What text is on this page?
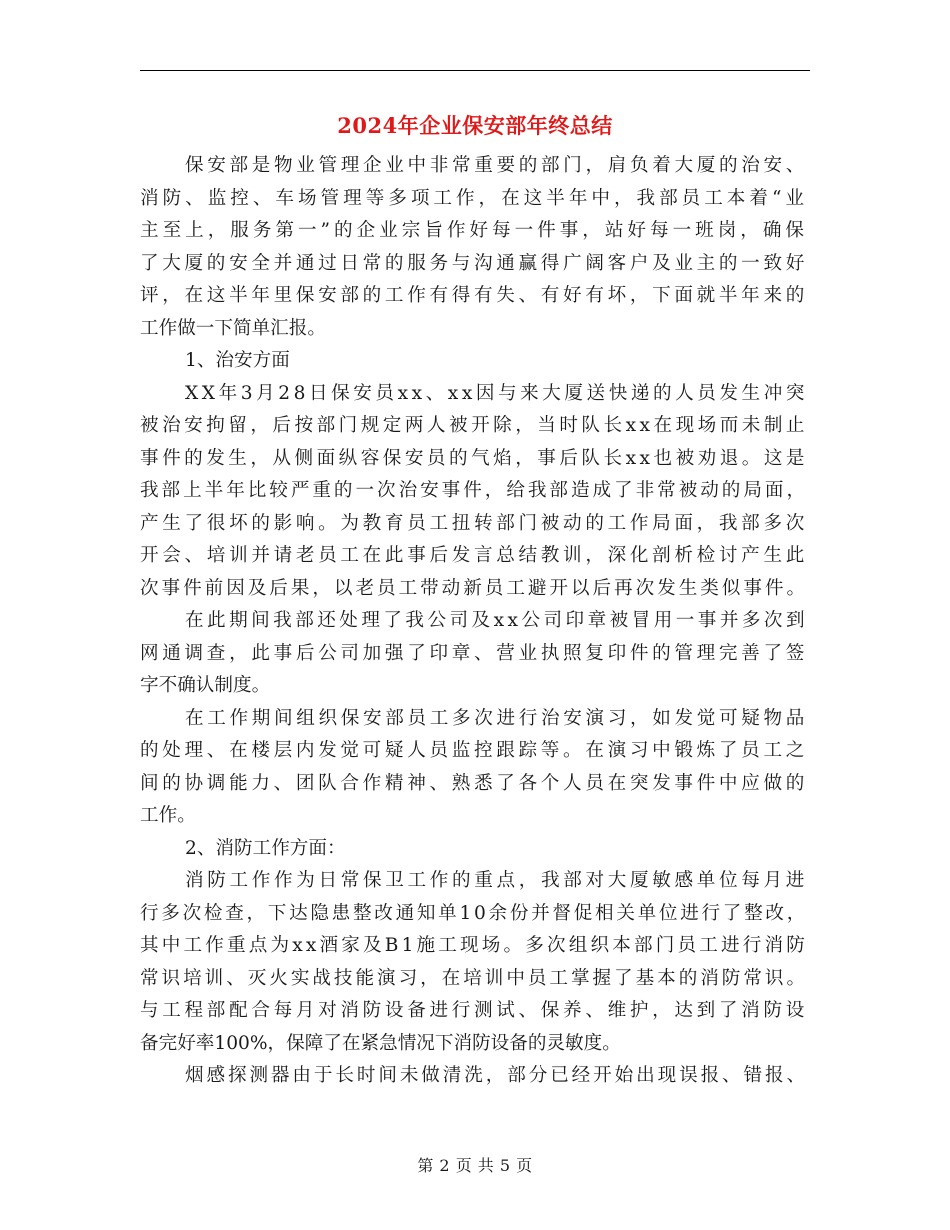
2024年企业保安部年终总结
保安部是物业管理企业中非常重要的部门，肩负着大厦的治安、
消防、监控、车场管理等多项工作，在这半年中，我部员工本着“业
主至上，服务第一”的企业宗旨作好每一件事，站好每一班岗，确保
了大厦的安全并通过日常的服务与沟通赢得广阔客户及业主的一致好
评，在这半年里保安部的工作有得有失、有好有坏，下面就半年来的
工作做一下简单汇报。
1、治安方面
XX年3月28日保安员xx、xx因与来大厦送快递的人员发生冲突
被治安拘留，后按部门规定两人被开除，当时队长xx在现场而未制止
事件的发生，从侧面纵容保安员的气焰，事后队长xx也被劝退。这是
我部上半年比较严重的一次治安事件，给我部造成了非常被动的局面，
产生了很坏的影响。为教育员工扭转部门被动的工作局面，我部多次
开会、培训并请老员工在此事后发言总结教训，深化剖析检讨产生此
次事件前因及后果，以老员工带动新员工避开以后再次发生类似事件。
在此期间我部还处理了我公司及xx公司印章被冒用一事并多次到
网通调查，此事后公司加强了印章、营业执照复印件的管理完善了签
字不确认制度。
在工作期间组织保安部员工多次进行治安演习，如发觉可疑物品
的处理、在楼层内发觉可疑人员监控跟踪等。在演习中锻炼了员工之
间的协调能力、团队合作精神、熟悉了各个人员在突发事件中应做的
工作。
2、消防工作方面：
消防工作作为日常保卫工作的重点，我部对大厦敏感单位每月进
行多次检查，下达隐患整改通知单10余份并督促相关单位进行了整改，
其中工作重点为xx酒家及B1施工现场。多次组织本部门员工进行消防
常识培训、灭火实战技能演习，在培训中员工掌握了基本的消防常识。
与工程部配合每月对消防设备进行测试、保养、维护，达到了消防设
备完好率100%，保障了在紧急情况下消防设备的灵敏度。
烟感探测器由于长时间未做清洗，部分已经开始出现误报、错报、
第 2 页 共 5 页
